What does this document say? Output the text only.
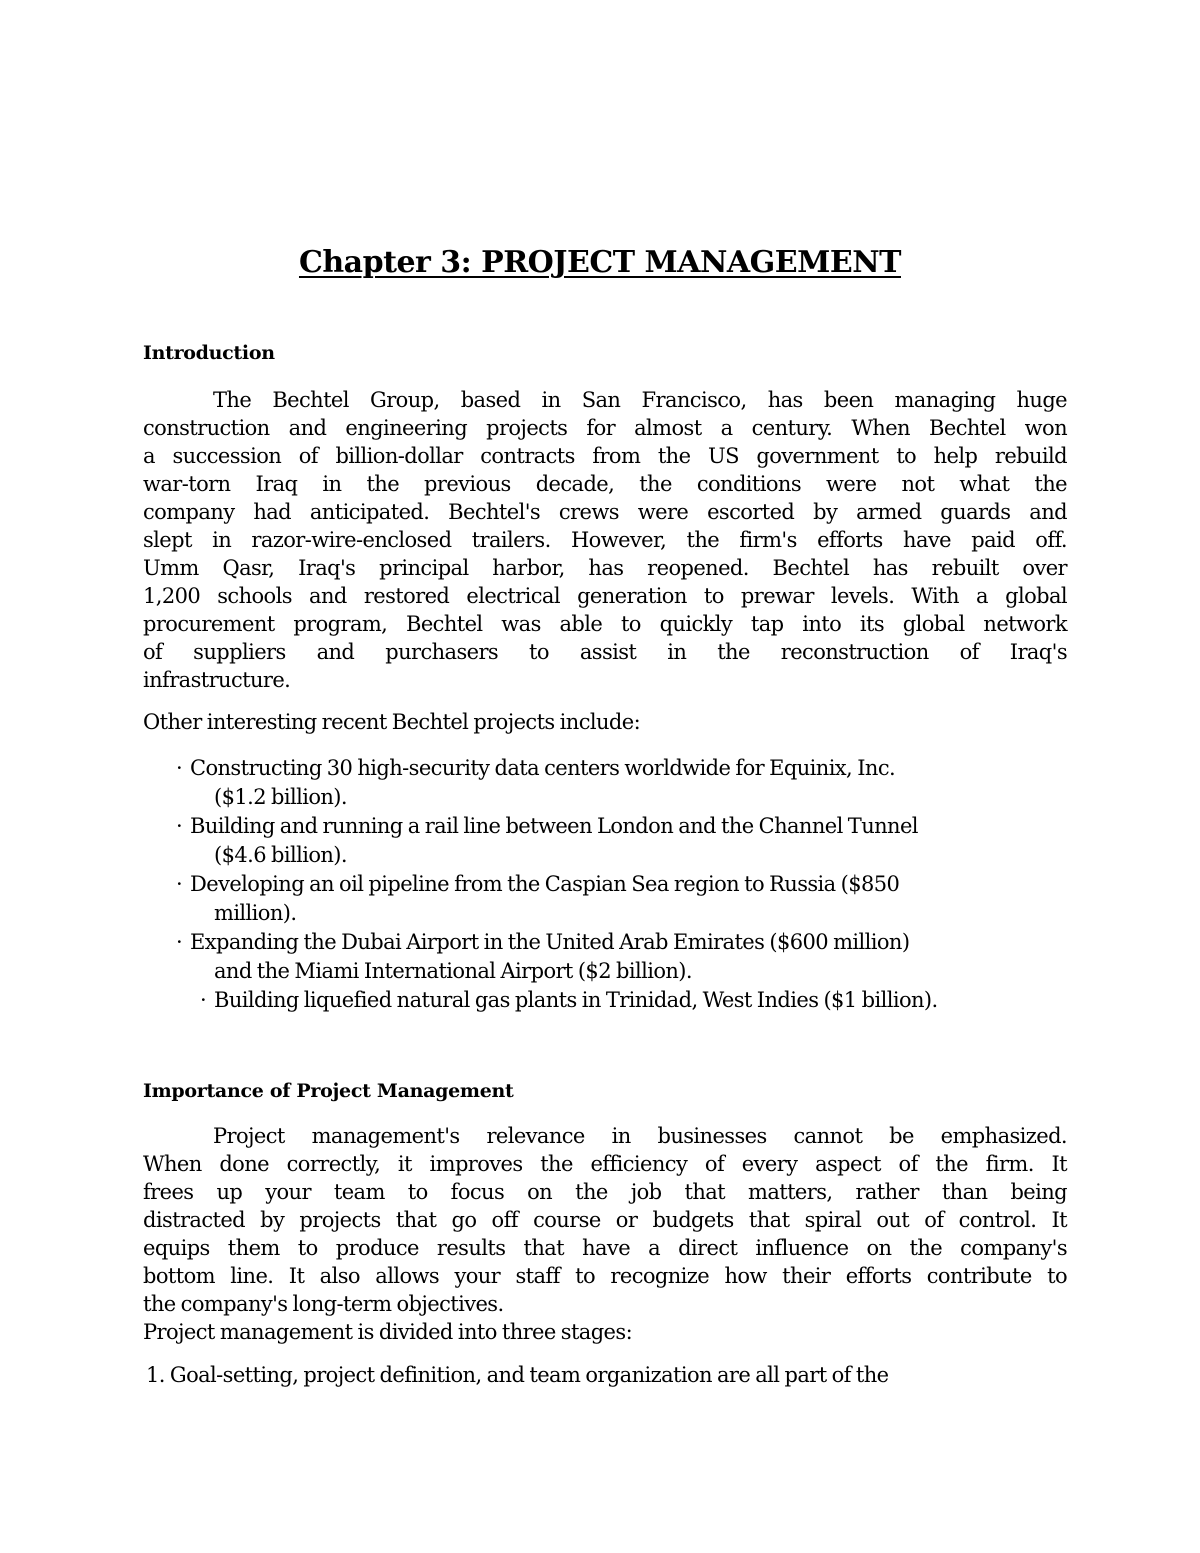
Chapter 3: PROJECT MANAGEMENT
Introduction
The Bechtel Group, based in San Francisco, has been managing huge
construction and engineering projects for almost a century. When Bechtel won
a succession of billion-dollar contracts from the US government to help rebuild
war-torn Iraq in the previous decade, the conditions were not what the
company had anticipated. Bechtel's crews were escorted by armed guards and
slept in razor-wire-enclosed trailers. However, the firm's efforts have paid off.
Umm Qasr, Iraq's principal harbor, has reopened. Bechtel has rebuilt over
1,200 schools and restored electrical generation to prewar levels. With a global
procurement program, Bechtel was able to quickly tap into its global network
of suppliers and purchasers to assist in the reconstruction of Iraq's
infrastructure.
Other interesting recent Bechtel projects include:
· Constructing 30 high-security data centers worldwide for Equinix, Inc.
($1.2 billion).
· Building and running a rail line between London and the Channel Tunnel
($4.6 billion).
· Developing an oil pipeline from the Caspian Sea region to Russia ($850
million).
· Expanding the Dubai Airport in the United Arab Emirates ($600 million)
and the Miami International Airport ($2 billion).
· Building liquefied natural gas plants in Trinidad, West Indies ($1 billion).
Importance of Project Management
Project management's relevance in businesses cannot be emphasized.
When done correctly, it improves the efficiency of every aspect of the firm. It
frees up your team to focus on the job that matters, rather than being
distracted by projects that go off course or budgets that spiral out of control. It
equips them to produce results that have a direct influence on the company's
bottom line. It also allows your staff to recognize how their efforts contribute to
the company's long-term objectives.
Project management is divided into three stages:
1. Goal-setting, project definition, and team organization are all part of the
